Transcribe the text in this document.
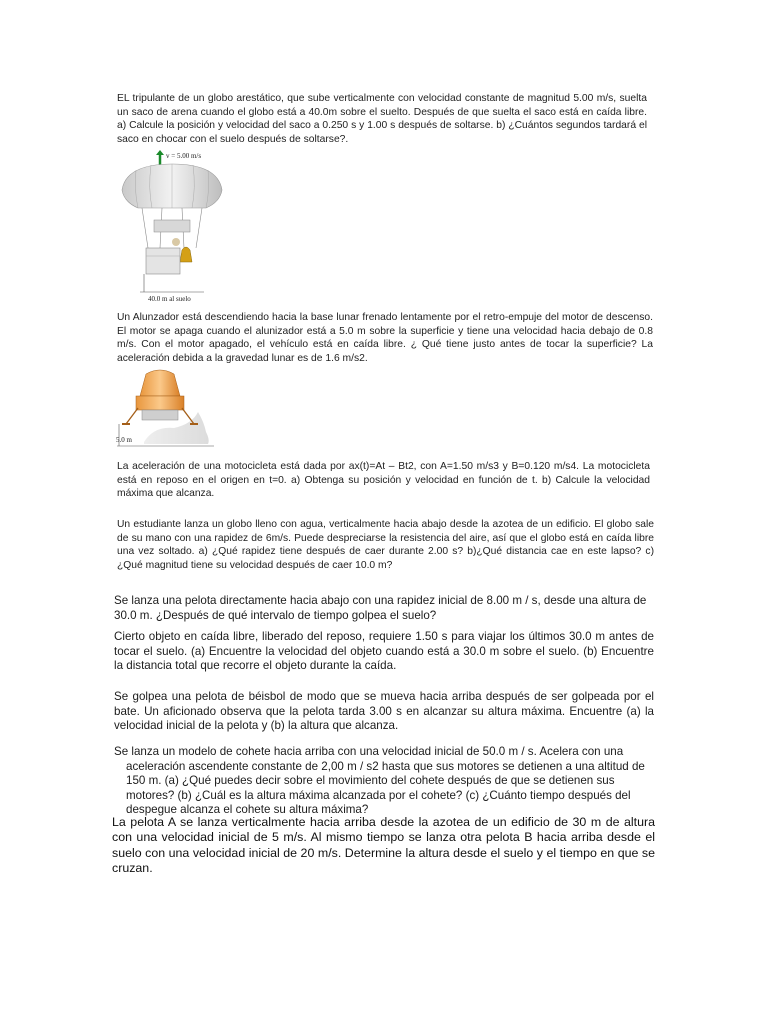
EL tripulante de un globo arestático, que sube verticalmente con velocidad constante de magnitud 5.00 m/s, suelta un saco de arena cuando el globo está a 40.0m sobre el suelto. Después de que suelta el saco está en caída libre. a) Calcule la posición y velocidad del saco a 0.250 s y 1.00 s después de soltarse. b) ¿Cuántos segundos tardará el saco en chocar con el suelo después de soltarse?.

v = 5.00 m/s
40.0 m al suelo

Un Alunzador está descendiendo hacia la base lunar frenado lentamente por el retro-empuje del motor de descenso. El motor se apaga cuando el alunizador está a 5.0 m sobre la superficie y tiene una velocidad hacia debajo de 0.8 m/s. Con el motor apagado, el vehículo está en caída libre. ¿ Qué tiene justo antes de tocar la superficie? La aceleración debida a la gravedad lunar es de 1.6 m/s2.

5.0 m

La aceleración de una motocicleta está dada por ax(t)=At – Bt2, con A=1.50 m/s3 y B=0.120 m/s4. La motocicleta está en reposo en el origen en t=0. a) Obtenga su posición y velocidad en función de t. b) Calcule la velocidad máxima que alcanza.

Un estudiante lanza un globo lleno con agua, verticalmente hacia abajo desde la azotea de un edificio. El globo sale de su mano con una rapidez de 6m/s. Puede despreciarse la resistencia del aire, así que el globo está en caída libre una vez soltado. a) ¿Qué rapidez tiene después de caer durante 2.00 s? b)¿Qué distancia cae en este lapso? c) ¿Qué magnitud tiene su velocidad después de caer 10.0 m?

Se lanza una pelota directamente hacia abajo con una rapidez inicial de 8.00 m / s, desde una altura de 30.0 m. ¿Después de qué intervalo de tiempo golpea el suelo?

Cierto objeto en caída libre, liberado del reposo, requiere 1.50 s para viajar los últimos 30.0 m antes de tocar el suelo. (a) Encuentre la velocidad del objeto cuando está a 30.0 m sobre el suelo. (b) Encuentre la distancia total que recorre el objeto durante la caída.

Se golpea una pelota de béisbol de modo que se mueva hacia arriba después de ser golpeada por el bate. Un aficionado observa que la pelota tarda 3.00 s en alcanzar su altura máxima. Encuentre (a) la velocidad inicial de la pelota y (b) la altura que alcanza.

Se lanza un modelo de cohete hacia arriba con una velocidad inicial de 50.0 m / s. Acelera con una aceleración ascendente constante de 2,00 m / s2 hasta que sus motores se detienen a una altitud de 150 m. (a) ¿Qué puedes decir sobre el movimiento del cohete después de que se detienen sus motores? (b) ¿Cuál es la altura máxima alcanzada por el cohete? (c) ¿Cuánto tiempo después del despegue alcanza el cohete su altura máxima?

La pelota A se lanza verticalmente hacia arriba desde la azotea de un edificio de 30 m de altura con una velocidad inicial de 5 m/s. Al mismo tiempo se lanza otra pelota B hacia arriba desde el suelo con una velocidad inicial de 20 m/s. Determine la altura desde el suelo y el tiempo en que se cruzan.
